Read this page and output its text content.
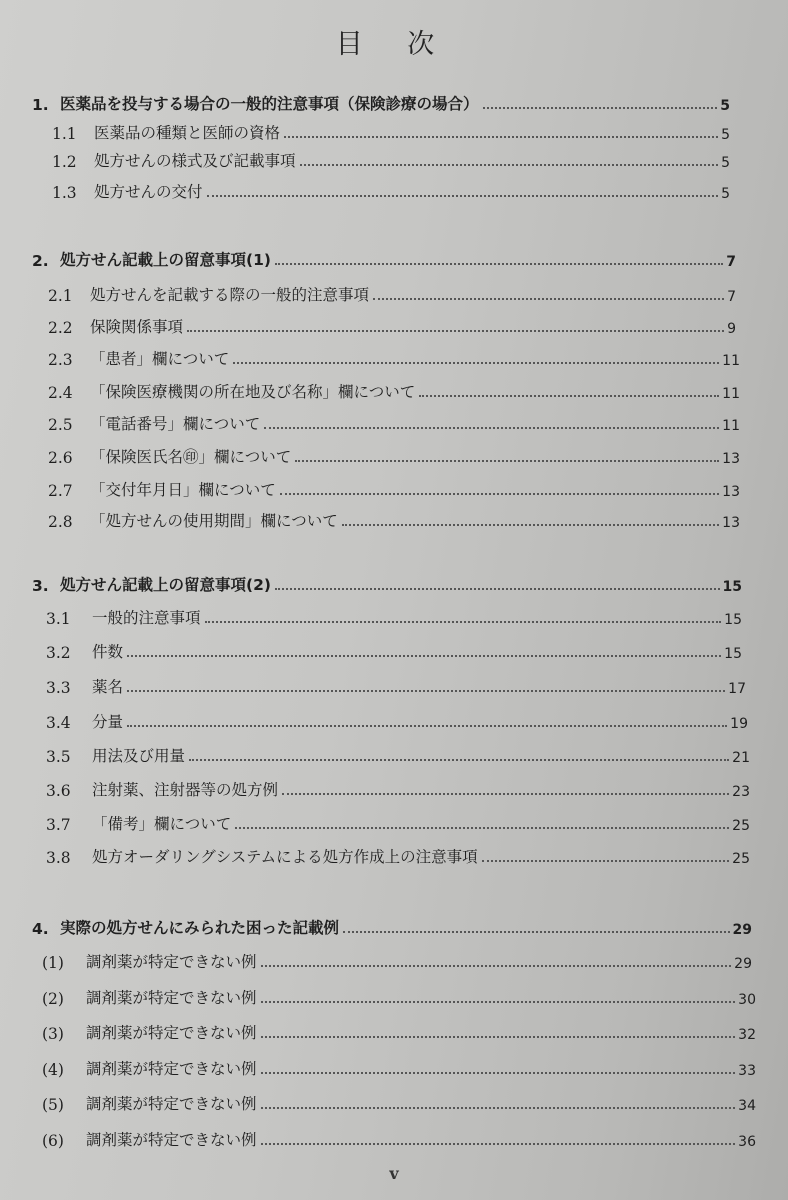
目 次
1. 医薬品を投与する場合の一般的注意事項（保険診療の場合）	5
1.1	医薬品の種類と医師の資格	5
1.2	処方せんの様式及び記載事項	5
1.3	処方せんの交付	5
2. 処方せん記載上の留意事項(1)	7
2.1	処方せんを記載する際の一般的注意事項	7
2.2	保険関係事項	9
2.3	「患者」欄について	11
2.4	「保険医療機関の所在地及び名称」欄について	11
2.5	「電話番号」欄について	11
2.6	「保険医氏名㊞」欄について	13
2.7	「交付年月日」欄について	13
2.8	「処方せんの使用期間」欄について	13
3. 処方せん記載上の留意事項(2)	15
3.1	一般的注意事項	15
3.2	件数	15
3.3	薬名	17
3.4	分量	19
3.5	用法及び用量	21
3.6	注射薬、注射器等の処方例	23
3.7	「備考」欄について	25
3.8	処方オーダリングシステムによる処方作成上の注意事項	25
4. 実際の処方せんにみられた困った記載例	29
(1)	調剤薬が特定できない例	29
(2)	調剤薬が特定できない例	30
(3)	調剤薬が特定できない例	32
(4)	調剤薬が特定できない例	33
(5)	調剤薬が特定できない例	34
(6)	調剤薬が特定できない例	36
v
